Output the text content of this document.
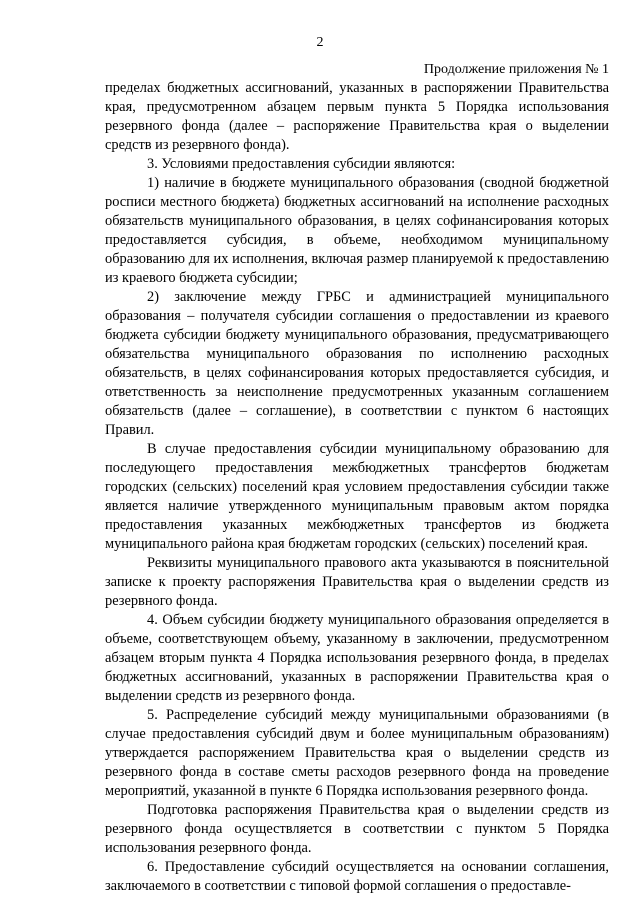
2
Продолжение приложения № 1

пределах бюджетных ассигнований, указанных в распоряжении Правительства края, предусмотренном абзацем первым пункта 5 Порядка использования резервного фонда (далее – распоряжение Правительства края о выделении средств из резервного фонда).

3. Условиями предоставления субсидии являются:

1) наличие в бюджете муниципального образования (сводной бюджетной росписи местного бюджета) бюджетных ассигнований на исполнение расходных обязательств муниципального образования, в целях софинансирования которых предоставляется субсидия, в объеме, необходимом муниципальному образованию для их исполнения, включая размер планируемой к предоставлению из краевого бюджета субсидии;

2) заключение между ГРБС и администрацией муниципального образования – получателя субсидии соглашения о предоставлении из краевого бюджета субсидии бюджету муниципального образования, предусматривающего обязательства муниципального образования по исполнению расходных обязательств, в целях софинансирования которых предоставляется субсидия, и ответственность за неисполнение предусмотренных указанным соглашением обязательств (далее – соглашение), в соответствии с пунктом 6 настоящих Правил.

В случае предоставления субсидии муниципальному образованию для последующего предоставления межбюджетных трансфертов бюджетам городских (сельских) поселений края условием предоставления субсидии также является наличие утвержденного муниципальным правовым актом порядка предоставления указанных межбюджетных трансфертов из бюджета муниципального района края бюджетам городских (сельских) поселений края.

Реквизиты муниципального правового акта указываются в пояснительной записке к проекту распоряжения Правительства края о выделении средств из резервного фонда.

4. Объем субсидии бюджету муниципального образования определяется в объеме, соответствующем объему, указанному в заключении, предусмотренном абзацем вторым пункта 4 Порядка использования резервного фонда, в пределах бюджетных ассигнований, указанных в распоряжении Правительства края о выделении средств из резервного фонда.

5. Распределение субсидий между муниципальными образованиями (в случае предоставления субсидий двум и более муниципальным образованиям) утверждается распоряжением Правительства края о выделении средств из резервного фонда в составе сметы расходов резервного фонда на проведение мероприятий, указанной в пункте 6 Порядка использования резервного фонда.

Подготовка распоряжения Правительства края о выделении средств из резервного фонда осуществляется в соответствии с пунктом 5 Порядка использования резервного фонда.

6. Предоставление субсидий осуществляется на основании соглашения, заключаемого в соответствии с типовой формой соглашения о предоставле-
